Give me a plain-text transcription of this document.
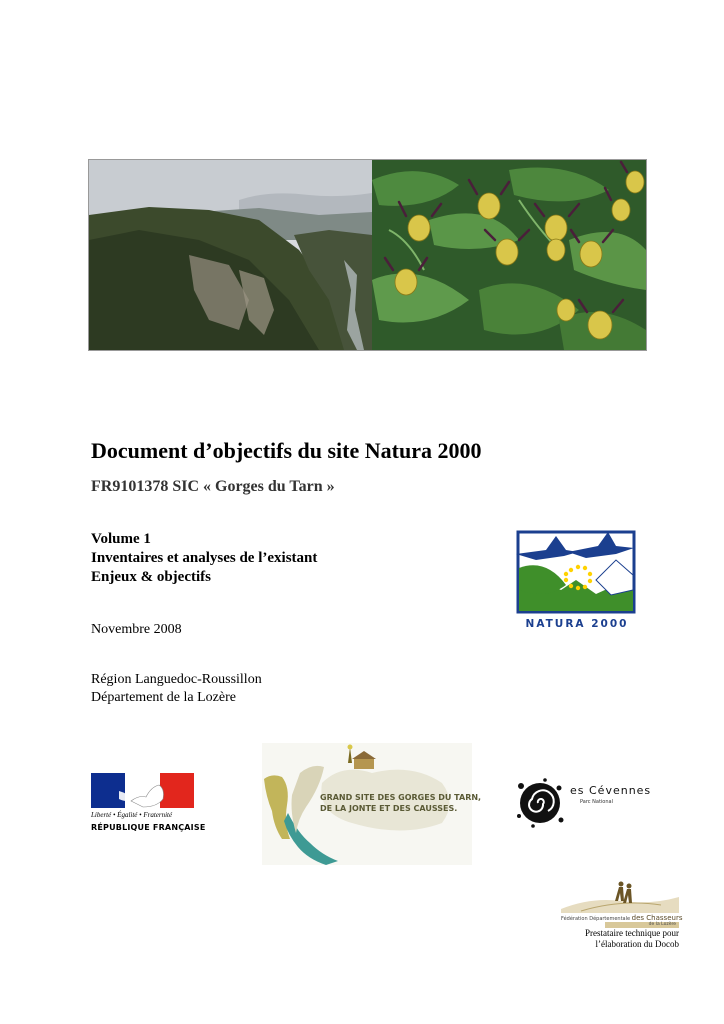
Document d’objectifs du site Natura 2000
FR9101378 SIC « Gorges du Tarn »

Volume 1

Inventaires et analyses de l’existant

Enjeux & objectifs

Novembre 2008

Région Languedoc-Roussillon

Département de la Lozère

NATURA 2000
Liberté • Égalité • Fraternité
RÉPUBLIQUE FRANÇAISE
GRAND SITE DES GORGES DU TARN,
DE LA JONTE ET DES CAUSSES.
es Cévennes
Parc National
Fédération Départementale des Chasseurs
de la Lozère
Prestataire technique pour
l’élaboration du Docob
